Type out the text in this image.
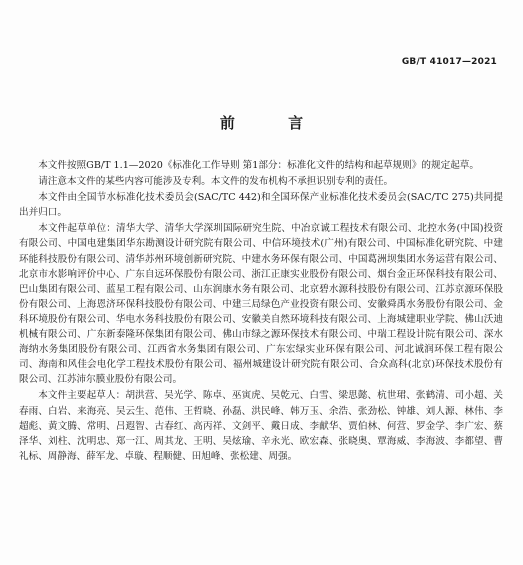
GB/T 41017—2021
前 言

本文件按照GB/T 1.1—2020《标准化工作导则 第1部分：标准化文件的结构和起草规则》的规定起草。

请注意本文件的某些内容可能涉及专利。本文件的发布机构不承担识别专利的责任。

本文件由全国节水标准化技术委员会(SAC/TC 442)和全国环保产业标准化技术委员会(SAC/TC 275)共同提出并归口。

本文件起草单位：清华大学、清华大学深圳国际研究生院、中冶京诚工程技术有限公司、北控水务(中国)投资有限公司、中国电建集团华东勘测设计研究院有限公司、中信环境技术(广州)有限公司、中国标准化研究院、中建环能科技股份有限公司、清华苏州环境创新研究院、中建水务环保有限公司、中国葛洲坝集团水务运营有限公司、北京市水影响评价中心、广东自远环保股份有限公司、浙江正康实业股份有限公司、烟台金正环保科技有限公司、巴山集团有限公司、蓝星工程有限公司、山东润康水务有限公司、北京碧水源科技股份有限公司、江苏京源环保股份有限公司、上海恩济环保科技股份有限公司、中建三局绿色产业投资有限公司、安徽舜禹水务股份有限公司、金科环境股份有限公司、华电水务科技股份有限公司、安徽美自然环境科技有限公司、上海城建职业学院、佛山沃迪机械有限公司、广东新泰隆环保集团有限公司、佛山市绿之源环保技术有限公司、中瑞工程设计院有限公司、深水海纳水务集团股份有限公司、江西省水务集团有限公司、广东宏绿实业环保有限公司、河北诚润环保工程有限公司、海南和风佳会电化学工程技术股份有限公司、福州城建设计研究院有限公司、合众高科(北京)环保技术股份有限公司、江苏沛尔膜业股份有限公司。

本文件主要起草人：胡洪营、吴光学、陈卓、巫寅虎、吴乾元、白雪、梁思懿、杭世珺、张鹤清、司小超、关春雨、白岩、来海亮、吴云生、范伟、王哲晓、孙磊、洪民峰、韩万玉、余浩、张劲松、钟雄、刘人源、林伟、李超彪、黄文腾、常明、吕遐智、古春红、高丙祥、文剑平、戴日成、李献华、贾伯林、何营、罗金学、李广宏、蔡泽华、刘柱、沈明忠、郑一江、周其龙、王明、吴炫瑜、辛永光、欧宏森、张晓奥、覃海威、李海波、李都望、曹礼标、周静海、薛军龙、卓璇、程顺健、田旭峰、张松建、周强。
